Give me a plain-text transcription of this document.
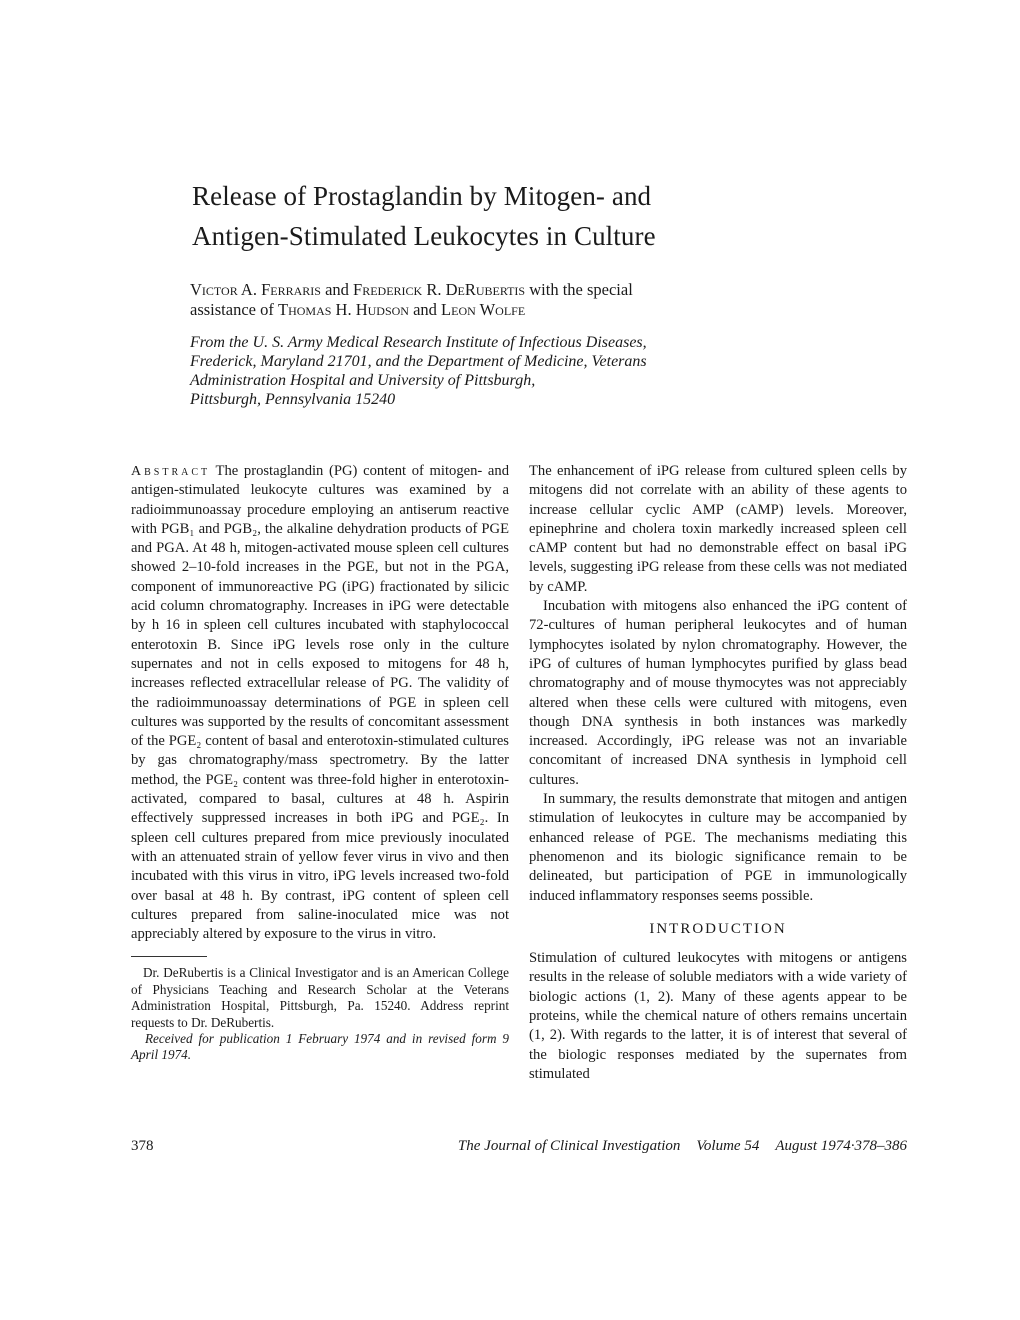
Release of Prostaglandin by Mitogen- and
Antigen-Stimulated Leukocytes in Culture

Victor A. Ferraris and Frederick R. DeRubertis with the special assistance of Thomas H. Hudson and Leon Wolfe

From the U. S. Army Medical Research Institute of Infectious Diseases,
Frederick, Maryland 21701, and the Department of Medicine, Veterans
Administration Hospital and University of Pittsburgh,
Pittsburgh, Pennsylvania 15240

Abstract The prostaglandin (PG) content of mitogen- and antigen-stimulated leukocyte cultures was examined by a radioimmunoassay procedure employing an antiserum reactive with PGB₁ and PGB₂, the alkaline dehydration products of PGE and PGA. At 48 h, mitogen-activated mouse spleen cell cultures showed 2–10-fold increases in the PGE, but not in the PGA, component of immunoreactive PG (iPG) fractionated by silicic acid column chromatography. Increases in iPG were detectable by h 16 in spleen cell cultures incubated with staphylococcal enterotoxin B. Since iPG levels rose only in the culture supernates and not in cells exposed to mitogens for 48 h, increases reflected extracellular release of PG. The validity of the radioimmunoassay determinations of PGE in spleen cell cultures was supported by the results of concomitant assessment of the PGE₂ content of basal and enterotoxin-stimulated cultures by gas chromatography/mass spectrometry. By the latter method, the PGE₂ content was three-fold higher in enterotoxin-activated, compared to basal, cultures at 48 h. Aspirin effectively suppressed increases in both iPG and PGE₂. In spleen cell cultures prepared from mice previously inoculated with an attenuated strain of yellow fever virus in vivo and then incubated with this virus in vitro, iPG levels increased two-fold over basal at 48 h. By contrast, iPG content of spleen cell cultures prepared from saline-inoculated mice was not appreciably altered by exposure to the virus in vitro.

Dr. DeRubertis is a Clinical Investigator and is an American College of Physicians Teaching and Research Scholar at the Veterans Administration Hospital, Pittsburgh, Pa. 15240. Address reprint requests to Dr. DeRubertis.

Received for publication 1 February 1974 and in revised form 9 April 1974.

The enhancement of iPG release from cultured spleen cells by mitogens did not correlate with an ability of these agents to increase cellular cyclic AMP (cAMP) levels. Moreover, epinephrine and cholera toxin markedly increased spleen cell cAMP content but had no demonstrable effect on basal iPG levels, suggesting iPG release from these cells was not mediated by cAMP.

Incubation with mitogens also enhanced the iPG content of 72-cultures of human peripheral leukocytes and of human lymphocytes isolated by nylon chromatography. However, the iPG of cultures of human lymphocytes purified by glass bead chromatography and of mouse thymocytes was not appreciably altered when these cells were cultured with mitogens, even though DNA synthesis in both instances was markedly increased. Accordingly, iPG release was not an invariable concomitant of increased DNA synthesis in lymphoid cell cultures.

In summary, the results demonstrate that mitogen and antigen stimulation of leukocytes in culture may be accompanied by enhanced release of PGE. The mechanisms mediating this phenomenon and its biologic significance remain to be delineated, but participation of PGE in immunologically induced inflammatory responses seems possible.

INTRODUCTION

Stimulation of cultured leukocytes with mitogens or antigens results in the release of soluble mediators with a wide variety of biologic actions (1, 2). Many of these agents appear to be proteins, while the chemical nature of others remains uncertain (1, 2). With regards to the latter, it is of interest that several of the biologic responses mediated by the supernates from stimulated

378	The Journal of Clinical Investigation Volume 54 August 1974·378–386
